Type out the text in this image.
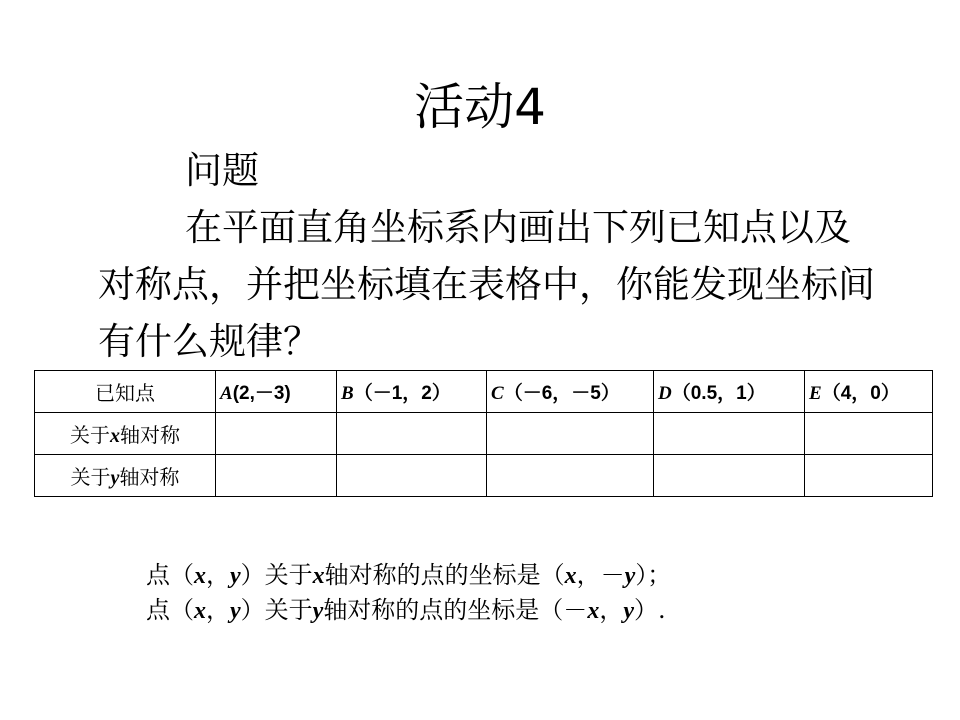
活动4
问题

在平面直角坐标系内画出下列已知点以及对称点，并把坐标填在表格中，你能发现坐标间有什么规律？

已知点	A(2,－3)	B（－1，2）	C（－6，－5）	D（0.5，1）	E（4，0）
关于x轴对称					
关于y轴对称					
点（x，y）关于x轴对称的点的坐标是（x，－y）；
点（x，y）关于y轴对称的点的坐标是（－x，y）.
